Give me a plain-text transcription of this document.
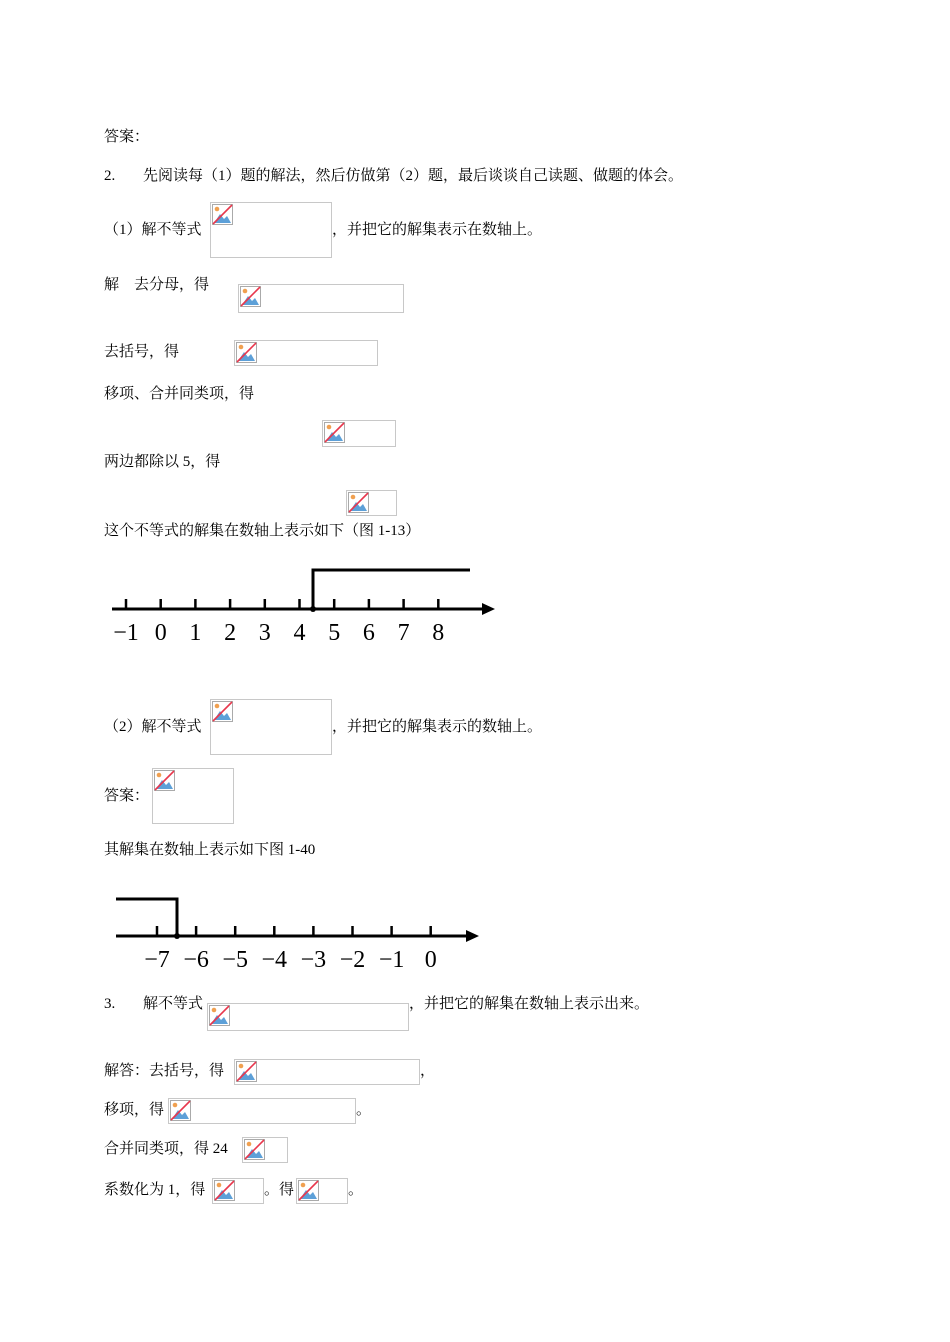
答案：
2. 先阅读每（1）题的解法，然后仿做第（2）题，最后谈谈自己读题、做题的体会。
（1）解不等式	，并把它的解集表示在数轴上。
解　去分母，得
去括号，得
移项、合并同类项，得
两边都除以 5，得
这个不等式的解集在数轴上表示如下（图 1-13）
−1 0 1 2 3 4 5 6 7 8
（2）解不等式	，并把它的解集表示的数轴上。
答案：
其解集在数轴上表示如下图 1-40
−7 −6 −5 −4 −3 −2 −1 0
3. 解不等式	，并把它的解集在数轴上表示出来。
解答：去括号，得	，
移项，得	。
合并同类项，得 24
系数化为 1，得	。得	。
